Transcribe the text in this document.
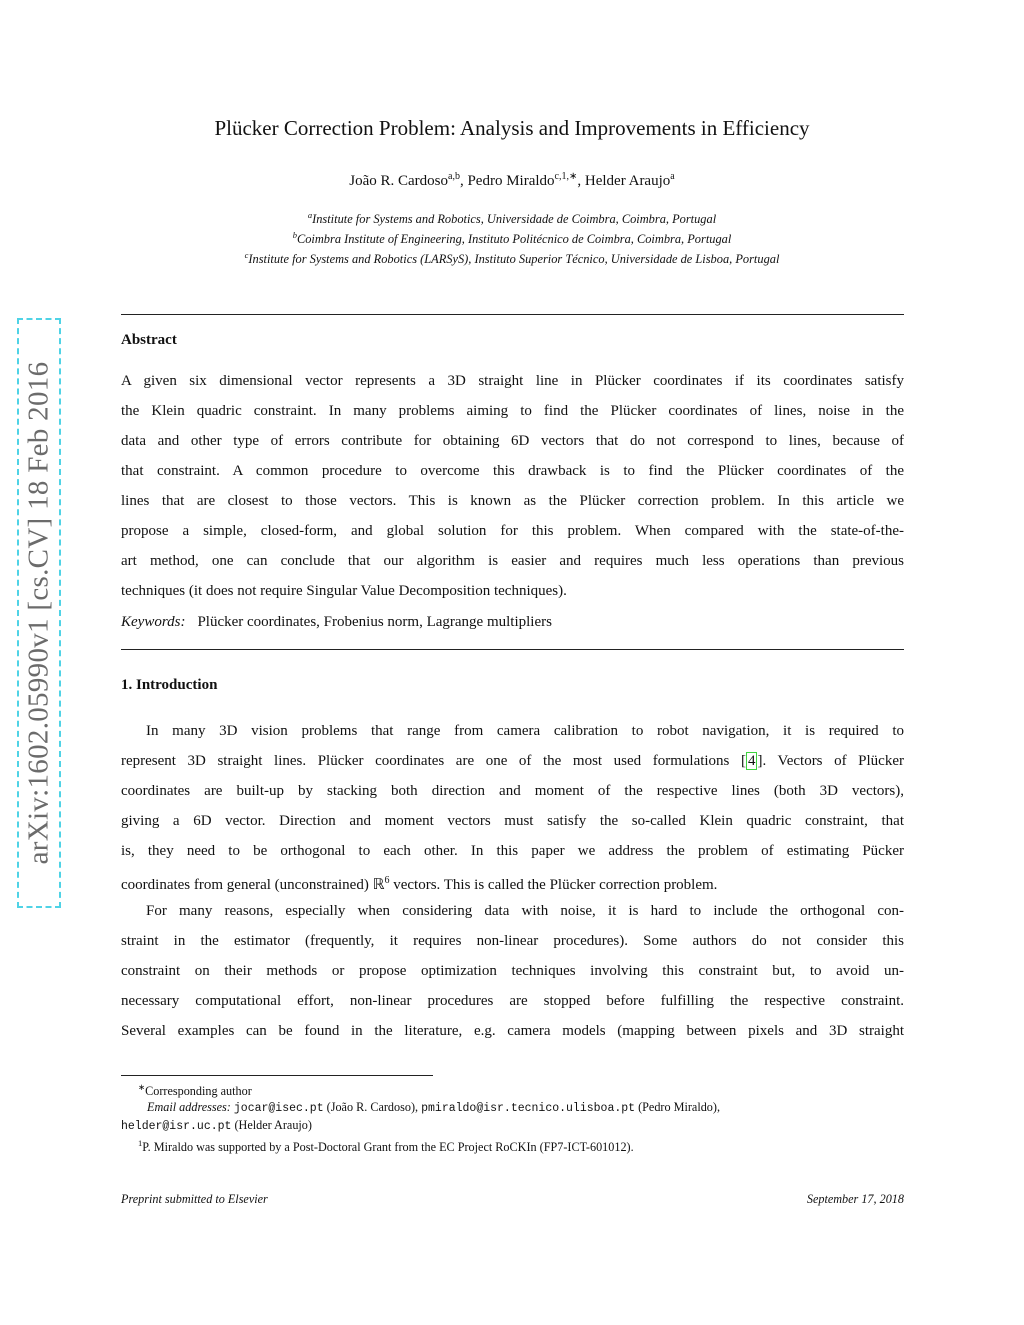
arXiv:1602.05990v1 [cs.CV] 18 Feb 2016
Plücker Correction Problem: Analysis and Improvements in Efficiency
João R. Cardoso$^{a,b}$, Pedro Miraldo$^{c,1,∗}$, Helder Araujo$^a$
$^a$Institute for Systems and Robotics, Universidade de Coimbra, Coimbra, Portugal
$^b$Coimbra Institute of Engineering, Instituto Politécnico de Coimbra, Coimbra, Portugal
$^c$Institute for Systems and Robotics (LARSyS), Instituto Superior Técnico, Universidade de Lisboa, Portugal
Abstract
A given six dimensional vector represents a 3D straight line in Plücker coordinates if its coordinates satisfy
the Klein quadric constraint. In many problems aiming to find the Plücker coordinates of lines, noise in the
data and other type of errors contribute for obtaining 6D vectors that do not correspond to lines, because of
that constraint. A common procedure to overcome this drawback is to find the Plücker coordinates of the
lines that are closest to those vectors. This is known as the Plücker correction problem. In this article we
propose a simple, closed-form, and global solution for this problem. When compared with the state-of-the-
art method, one can conclude that our algorithm is easier and requires much less operations than previous
techniques (it does not require Singular Value Decomposition techniques).
Keywords: Plücker coordinates, Frobenius norm, Lagrange multipliers
1. Introduction
In many 3D vision problems that range from camera calibration to robot navigation, it is required to
represent 3D straight lines. Plücker coordinates are one of the most used formulations [ 4 ]. Vectors of Plücker
coordinates are built-up by stacking both direction and moment of the respective lines (both 3D vectors),
giving a 6D vector. Direction and moment vectors must satisfy the so-called Klein quadric constraint, that
is, they need to be orthogonal to each other. In this paper we address the problem of estimating Pücker
coordinates from general (unconstrained) ℝ$^6$ vectors. This is called the Plücker correction problem.
For many reasons, especially when considering data with noise, it is hard to include the orthogonal con-
straint in the estimator (frequently, it requires non-linear procedures). Some authors do not consider this
constraint on their methods or propose optimization techniques involving this constraint but, to avoid un-
necessary computational effort, non-linear procedures are stopped before fulfilling the respective constraint.
Several examples can be found in the literature, e.g. camera models (mapping between pixels and 3D straight
∗Corresponding author
Email addresses: jocar@isec.pt (João R. Cardoso), pmiraldo@isr.tecnico.ulisboa.pt (Pedro Miraldo),
helder@isr.uc.pt (Helder Araujo)
$^1$P. Miraldo was supported by a Post-Doctoral Grant from the EC Project RoCKIn (FP7-ICT-601012).
Preprint submitted to Elsevier	September 17, 2018
